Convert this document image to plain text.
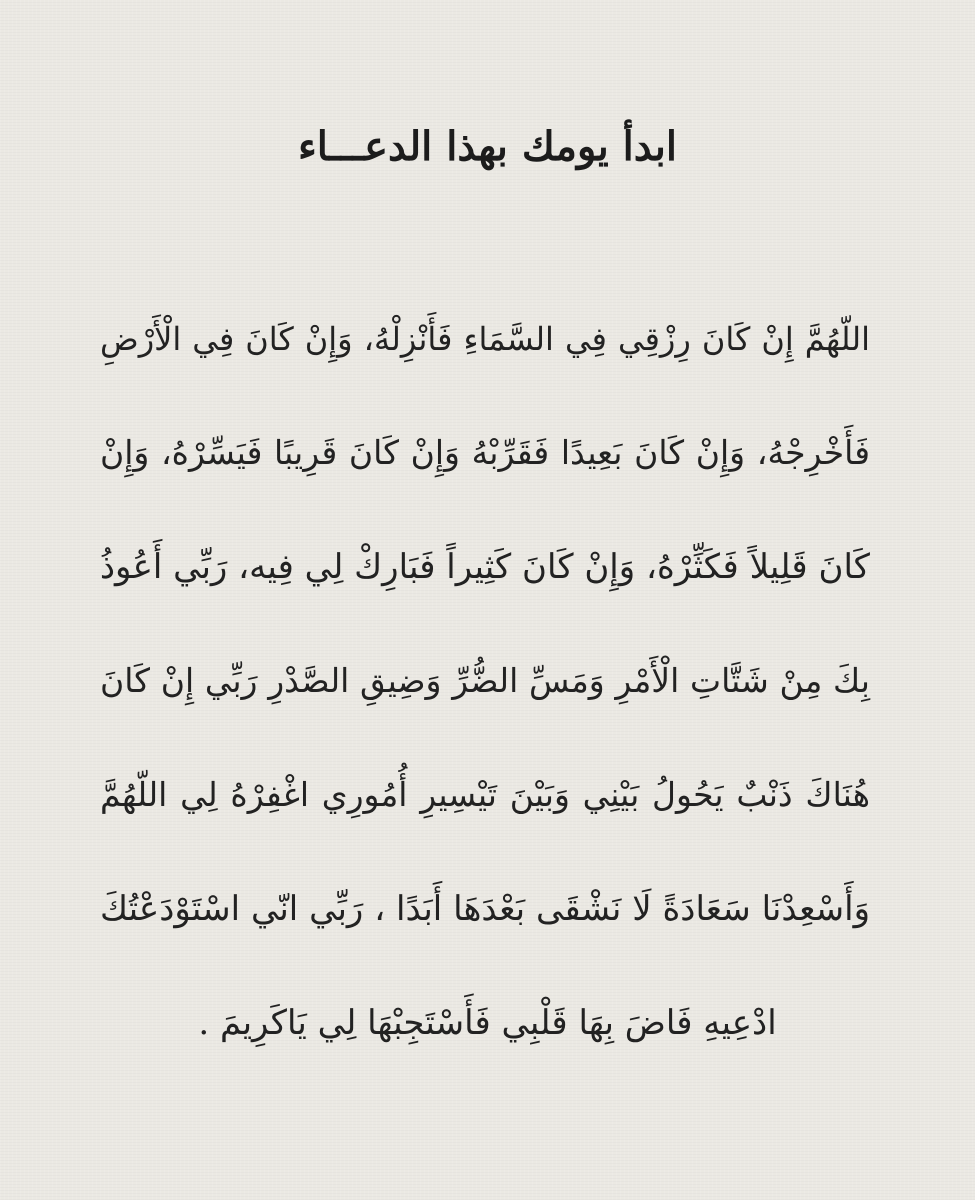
ابدأ يومك بهذا الدعـــاء
اللّهُمَّ إِنْ كَانَ رِزْقِي فِي السَّمَاءِ فَأَنْزِلْهُ، وَإِنْ كَانَ فِي الْأَرْضِ
فَأَخْرِجْهُ، وَإِنْ كَانَ بَعِيدًا فَقَرِّبْهُ وَإِنْ كَانَ قَرِيبًا فَيَسِّرْهُ، وَإِنْ
كَانَ قَلِيلاً فَكَثِّرْهُ، وَإِنْ كَانَ كَثِيراً فَبَارِكْ لِي فِيه، رَبِّي أَعُوذُ
بِكَ مِنْ شَتَّاتِ الْأَمْرِ وَمَسِّ الضُّرِّ وَضِيقِ الصَّدْرِ رَبِّي إِنْ كَانَ
هُنَاكَ ذَنْبٌ يَحُولُ بَيْنِي وَبَيْنَ تَيْسِيرِ أُمُورِي اغْفِرْهُ لِي اللّهُمَّ
وَأَسْعِدْنَا سَعَادَةً لَا نَشْقَى بَعْدَهَا أَبَدًا ، رَبِّي انّي اسْتَوْدَعْتُكَ
ادْعِيهِ فَاضَ بِهَا قَلْبِي فَأَسْتَجِبْهَا لِي يَاكَرِيمَ .
